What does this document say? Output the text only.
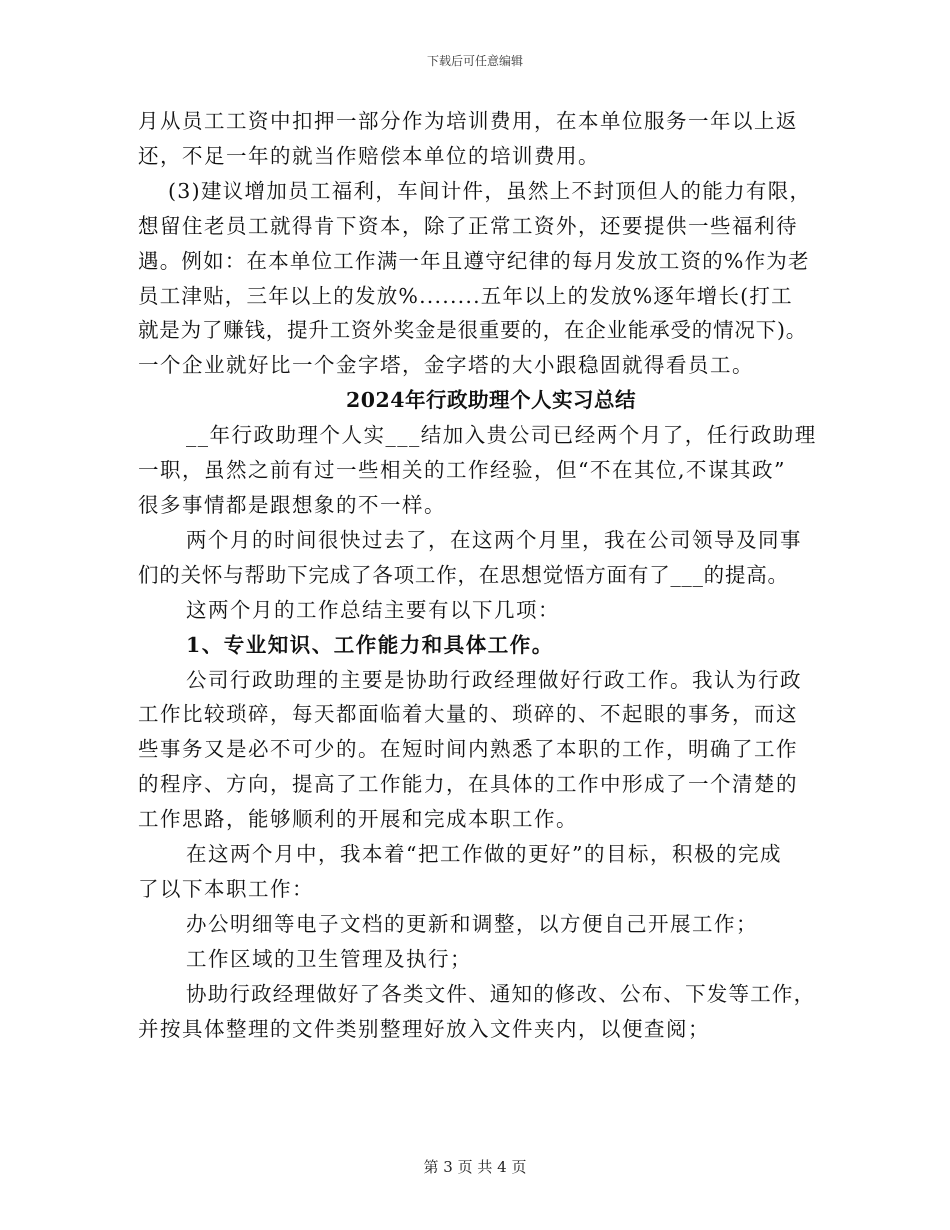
下载后可任意编辑
月从员工工资中扣押一部分作为培训费用，在本单位服务一年以上返
还，不足一年的就当作赔偿本单位的培训费用。
(3)建议增加员工福利，车间计件，虽然上不封顶但人的能力有限，
想留住老员工就得肯下资本，除了正常工资外，还要提供一些福利待
遇。例如：在本单位工作满一年且遵守纪律的每月发放工资的%作为老
员工津贴，三年以上的发放%........五年以上的发放%逐年增长(打工
就是为了赚钱，提升工资外奖金是很重要的，在企业能承受的情况下)。
一个企业就好比一个金字塔，金字塔的大小跟稳固就得看员工。
2024年行政助理个人实习总结
__年行政助理个人实___结加入贵公司已经两个月了，任行政助理
一职，虽然之前有过一些相关的工作经验，但“不在其位,不谋其政”
很多事情都是跟想象的不一样。
两个月的时间很快过去了，在这两个月里，我在公司领导及同事
们的关怀与帮助下完成了各项工作，在思想觉悟方面有了___的提高。
这两个月的工作总结主要有以下几项：
1、专业知识、工作能力和具体工作。
公司行政助理的主要是协助行政经理做好行政工作。我认为行政
工作比较琐碎，每天都面临着大量的、琐碎的、不起眼的事务，而这
些事务又是必不可少的。在短时间内熟悉了本职的工作，明确了工作
的程序、方向，提高了工作能力，在具体的工作中形成了一个清楚的
工作思路，能够顺利的开展和完成本职工作。
在这两个月中，我本着“把工作做的更好”的目标，积极的完成
了以下本职工作：
办公明细等电子文档的更新和调整，以方便自己开展工作；
工作区域的卫生管理及执行；
协助行政经理做好了各类文件、通知的修改、公布、下发等工作，
并按具体整理的文件类别整理好放入文件夹内，以便查阅；
第 3 页 共 4 页
